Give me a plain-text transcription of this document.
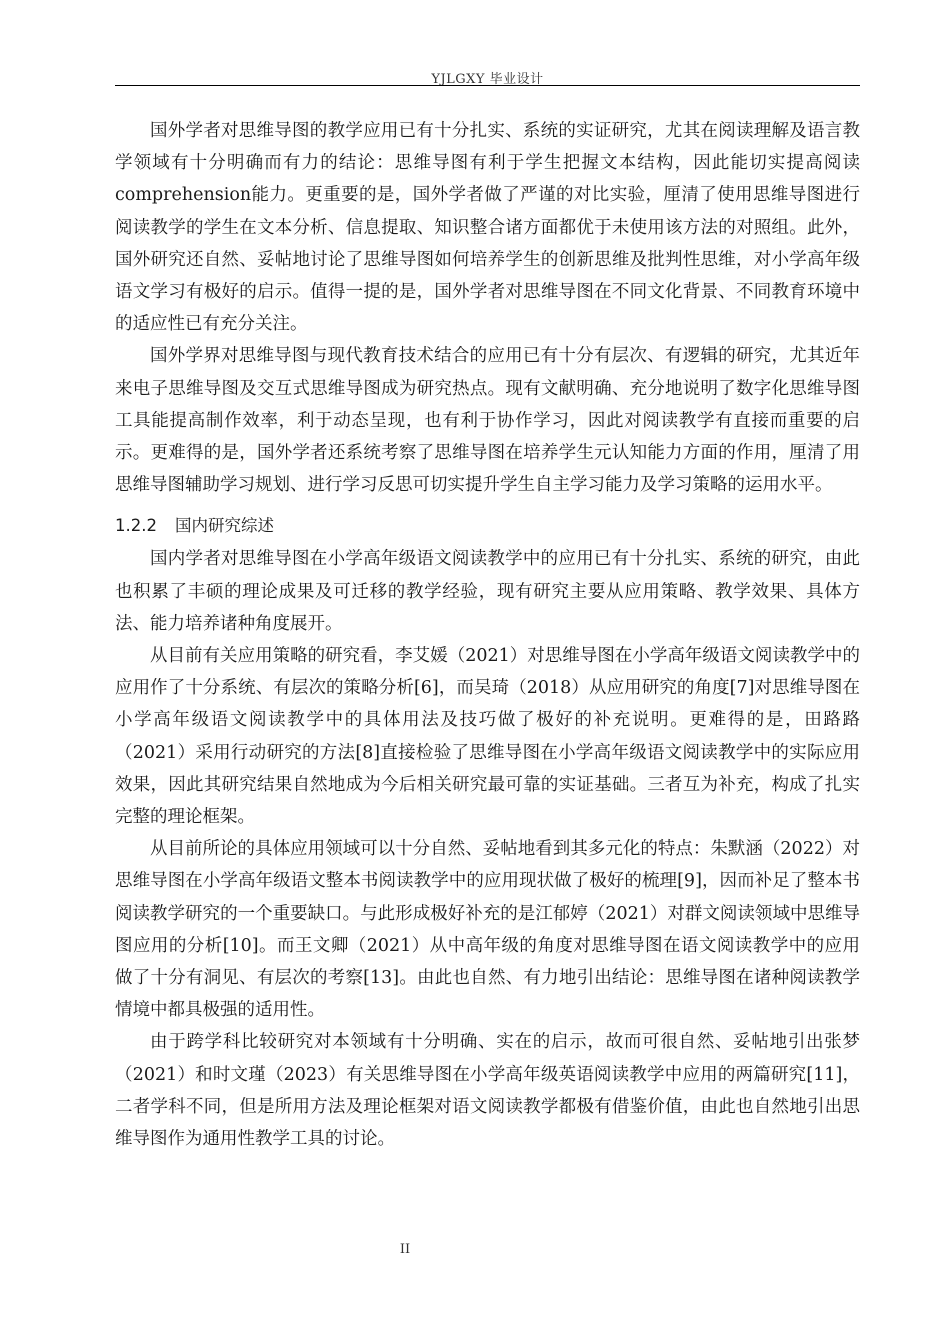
YJLGXY 毕业设计

国外学者对思维导图的教学应用已有十分扎实、系统的实证研究，尤其在阅读理解及语言教学领域有十分明确而有力的结论：思维导图有利于学生把握文本结构，因此能切实提高阅读 comprehension能力。更重要的是，国外学者做了严谨的对比实验，厘清了使用思维导图进行阅读教学的学生在文本分析、信息提取、知识整合诸方面都优于未使用该方法的对照组。此外，国外研究还自然、妥帖地讨论了思维导图如何培养学生的创新思维及批判性思维，对小学高年级语文学习有极好的启示。值得一提的是，国外学者对思维导图在不同文化背景、不同教育环境中的适应性已有充分关注。

国外学界对思维导图与现代教育技术结合的应用已有十分有层次、有逻辑的研究，尤其近年来电子思维导图及交互式思维导图成为研究热点。现有文献明确、充分地说明了数字化思维导图工具能提高制作效率，利于动态呈现，也有利于协作学习，因此对阅读教学有直接而重要的启示。更难得的是，国外学者还系统考察了思维导图在培养学生元认知能力方面的作用，厘清了用思维导图辅助学习规划、进行学习反思可切实提升学生自主学习能力及学习策略的运用水平。

1.2.2 国内研究综述

国内学者对思维导图在小学高年级语文阅读教学中的应用已有十分扎实、系统的研究，由此也积累了丰硕的理论成果及可迁移的教学经验，现有研究主要从应用策略、教学效果、具体方法、能力培养诸种角度展开。

从目前有关应用策略的研究看，李艾媛（2021）对思维导图在小学高年级语文阅读教学中的应用作了十分系统、有层次的策略分析[6]，而吴琦（2018）从应用研究的角度[7]对思维导图在小学高年级语文阅读教学中的具体用法及技巧做了极好的补充说明。更难得的是，田路路（2021）采用行动研究的方法[8]直接检验了思维导图在小学高年级语文阅读教学中的实际应用效果，因此其研究结果自然地成为今后相关研究最可靠的实证基础。三者互为补充，构成了扎实完整的理论框架。

从目前所论的具体应用领域可以十分自然、妥帖地看到其多元化的特点：朱默涵（2022）对思维导图在小学高年级语文整本书阅读教学中的应用现状做了极好的梳理[9]，因而补足了整本书阅读教学研究的一个重要缺口。与此形成极好补充的是江郁婷（2021）对群文阅读领域中思维导图应用的分析[10]。而王文卿（2021）从中高年级的角度对思维导图在语文阅读教学中的应用做了十分有洞见、有层次的考察[13]。由此也自然、有力地引出结论：思维导图在诸种阅读教学情境中都具极强的适用性。

由于跨学科比较研究对本领域有十分明确、实在的启示，故而可很自然、妥帖地引出张梦（2021）和时文瑾（2023）有关思维导图在小学高年级英语阅读教学中应用的两篇研究[11]，二者学科不同，但是所用方法及理论框架对语文阅读教学都极有借鉴价值，由此也自然地引出思维导图作为通用性教学工具的讨论。

II
